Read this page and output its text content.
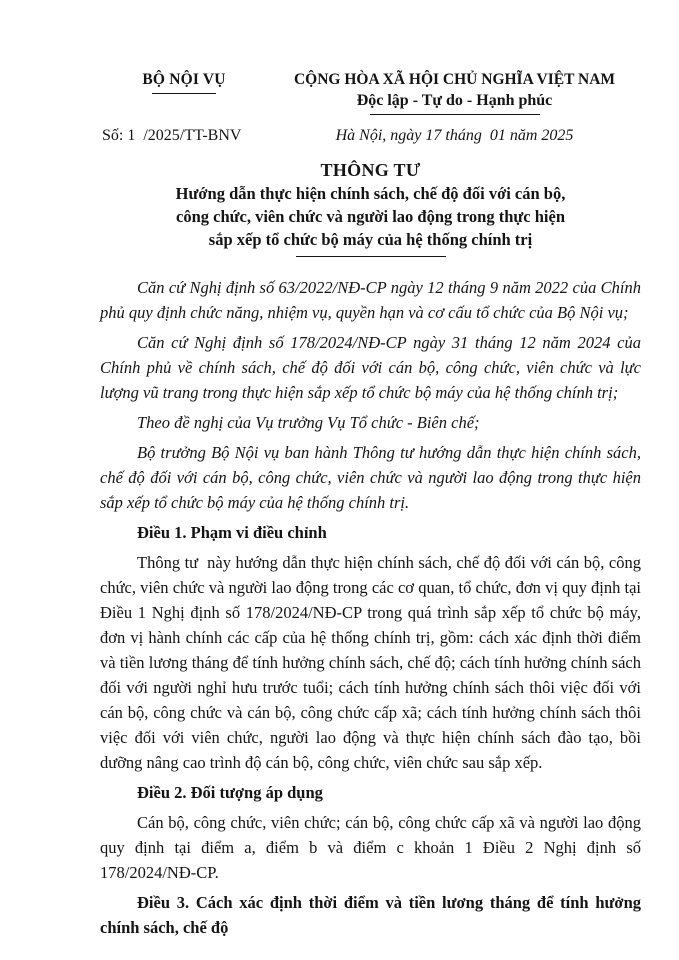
BỘ NỘI VỤ	CỘNG HÒA XÃ HỘI CHỦ NGHĨA VIỆT NAM
Độc lập - Tự do - Hạnh phúc
Số: 1  /2025/TT-BNV	Hà Nội, ngày 17 tháng  01 năm 2025
THÔNG TƯ
Hướng dẫn thực hiện chính sách, chế độ đối với cán bộ,
công chức, viên chức và người lao động trong thực hiện
sắp xếp tổ chức bộ máy của hệ thống chính trị

Căn cứ Nghị định số 63/2022/NĐ-CP ngày 12 tháng 9 năm 2022 của Chính phủ quy định chức năng, nhiệm vụ, quyền hạn và cơ cấu tổ chức của Bộ Nội vụ;

Căn cứ Nghị định số 178/2024/NĐ-CP ngày 31 tháng 12 năm 2024 của Chính phủ về chính sách, chế độ đối với cán bộ, công chức, viên chức và lực lượng vũ trang trong thực hiện sắp xếp tổ chức bộ máy của hệ thống chính trị;

Theo đề nghị của Vụ trưởng Vụ Tổ chức - Biên chế;

Bộ trưởng Bộ Nội vụ ban hành Thông tư hướng dẫn thực hiện chính sách, chế độ đối với cán bộ, công chức, viên chức và người lao động trong thực hiện sắp xếp tổ chức bộ máy của hệ thống chính trị.

Điều 1. Phạm vi điều chỉnh
Thông tư  này hướng dẫn thực hiện chính sách, chế độ đối với cán bộ, công chức, viên chức và người lao động trong các cơ quan, tổ chức, đơn vị quy định tại Điều 1 Nghị định số 178/2024/NĐ-CP trong quá trình sắp xếp tổ chức bộ máy, đơn vị hành chính các cấp của hệ thống chính trị, gồm: cách xác định thời điểm và tiền lương tháng để tính hưởng chính sách, chế độ; cách tính hưởng chính sách đối với người nghỉ hưu trước tuổi; cách tính hưởng chính sách thôi việc đối với cán bộ, công chức và cán bộ, công chức cấp xã; cách tính hưởng chính sách thôi việc đối với viên chức, người lao động và thực hiện chính sách đào tạo, bồi dưỡng nâng cao trình độ cán bộ, công chức, viên chức sau sắp xếp.
Điều 2. Đối tượng áp dụng
Cán bộ, công chức, viên chức; cán bộ, công chức cấp xã và người lao động quy định tại điểm a, điểm b và điểm c khoản 1 Điều 2 Nghị định số 178/2024/NĐ-CP.
Điều 3. Cách xác định thời điểm và tiền lương tháng để tính hưởng chính sách, chế độ
